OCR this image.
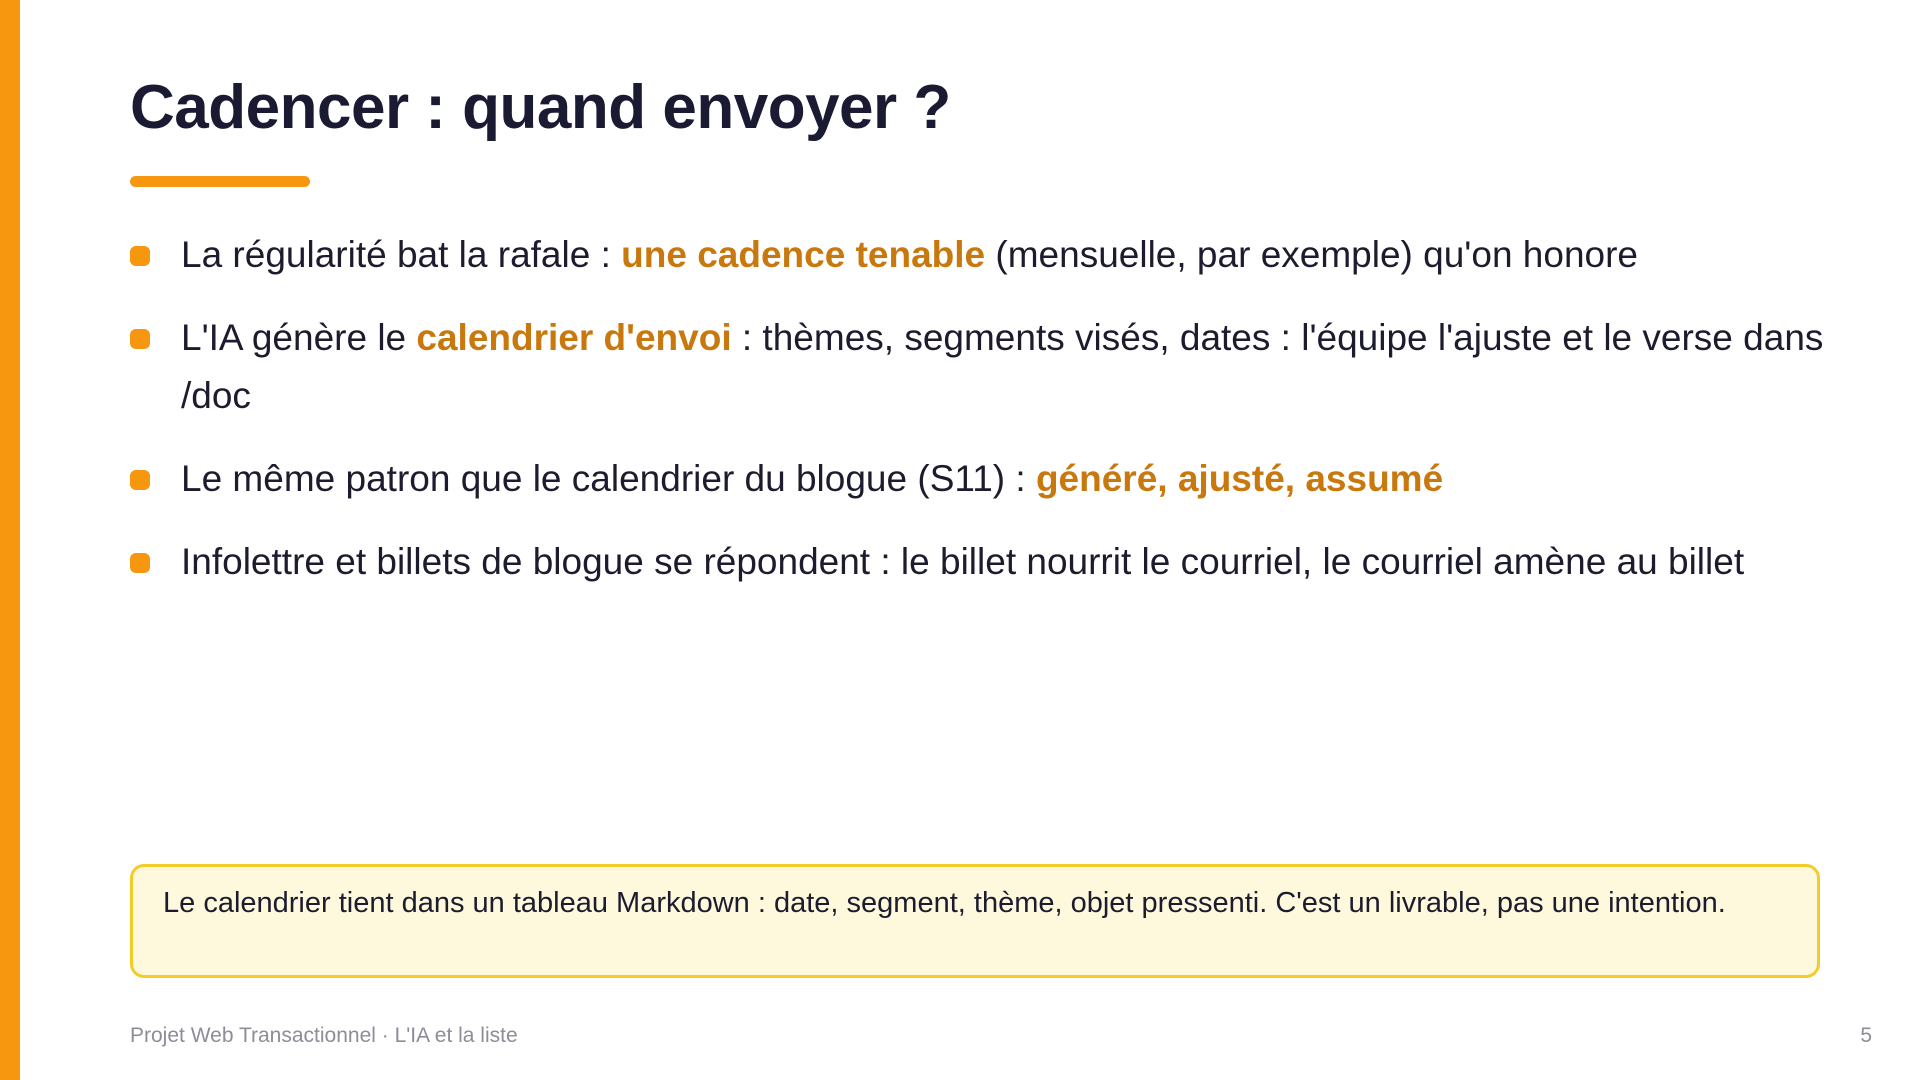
Cadencer : quand envoyer ?
La régularité bat la rafale : une cadence tenable (mensuelle, par exemple) qu'on honore
L'IA génère le calendrier d'envoi : thèmes, segments visés, dates : l'équipe l'ajuste et le verse dans /doc
Le même patron que le calendrier du blogue (S11) : généré, ajusté, assumé
Infolettre et billets de blogue se répondent : le billet nourrit le courriel, le courriel amène au billet
Le calendrier tient dans un tableau Markdown : date, segment, thème, objet pressenti. C'est un livrable, pas une intention.
Projet Web Transactionnel · L'IA et la liste	5
